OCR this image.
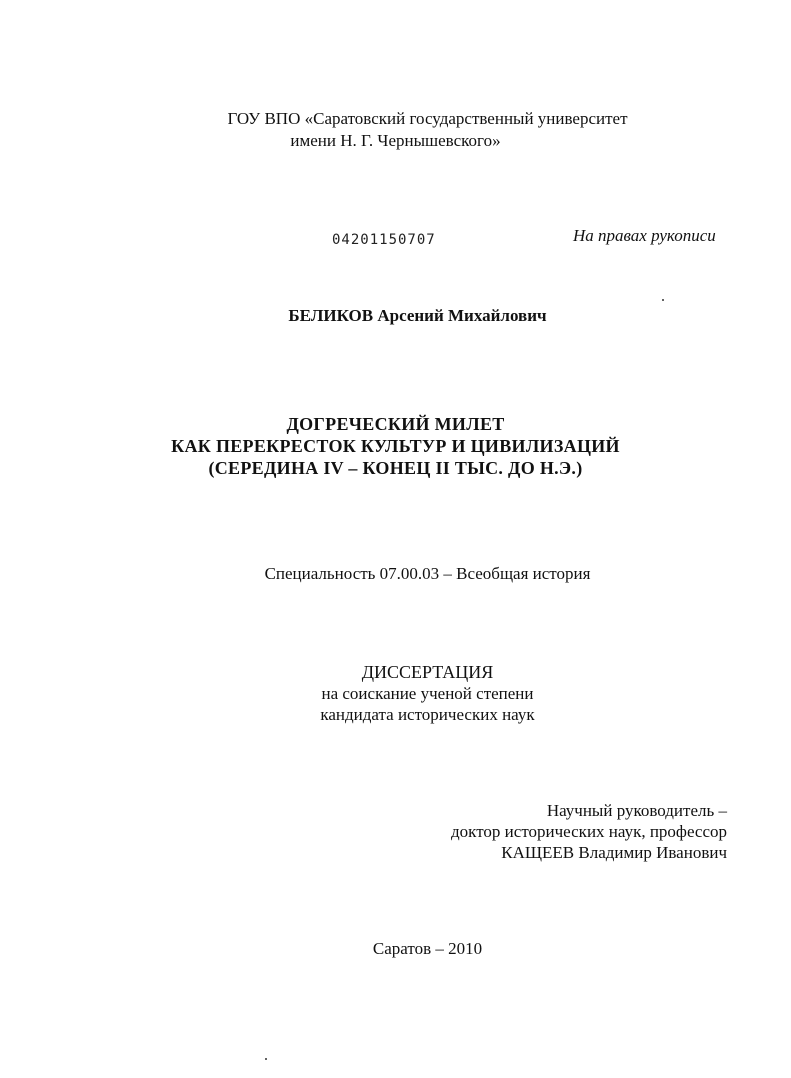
ГОУ ВПО «Саратовский государственный университет
имени Н. Г. Чернышевского»
04201150707	На правах рукописи
БЕЛИКОВ Арсений Михайлович
ДОГРЕЧЕСКИЙ МИЛЕТ
КАК ПЕРЕКРЕСТОК КУЛЬТУР И ЦИВИЛИЗАЦИЙ
(СЕРЕДИНА IV – КОНЕЦ II ТЫС. ДО Н.Э.)
Специальность 07.00.03 – Всеобщая история
ДИССЕРТАЦИЯ
на соискание ученой степени
кандидата исторических наук
Научный руководитель –
доктор исторических наук, профессор
КАЩЕЕВ Владимир Иванович
Саратов – 2010
